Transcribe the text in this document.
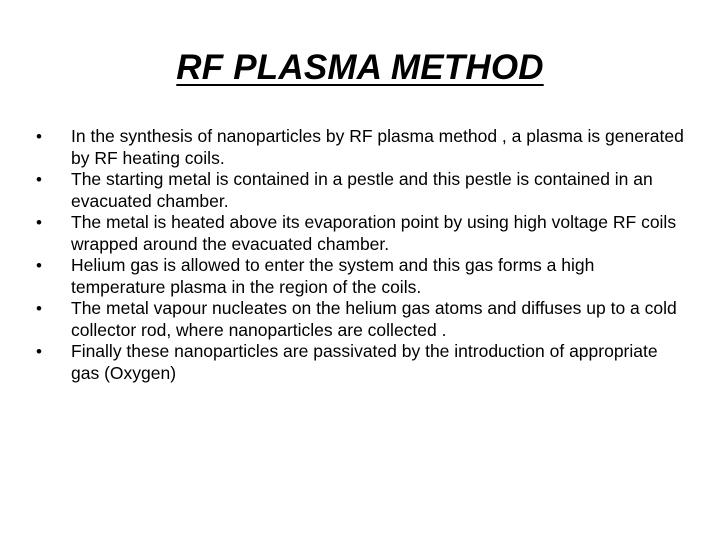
RF PLASMA METHOD
•	In the synthesis of nanoparticles by RF plasma method , a plasma is generated by RF heating coils.
•	The starting metal is contained in a pestle and this pestle is contained in an evacuated chamber.
•	The metal is heated above its evaporation point by using high voltage RF coils wrapped around the evacuated chamber.
•	Helium gas is allowed to enter the system and this gas forms a high temperature plasma in the region of the coils.
•	The metal vapour nucleates on the helium gas atoms and diffuses up to a cold collector rod, where nanoparticles are collected .
•	Finally these nanoparticles are passivated by the introduction of appropriate gas (Oxygen)
